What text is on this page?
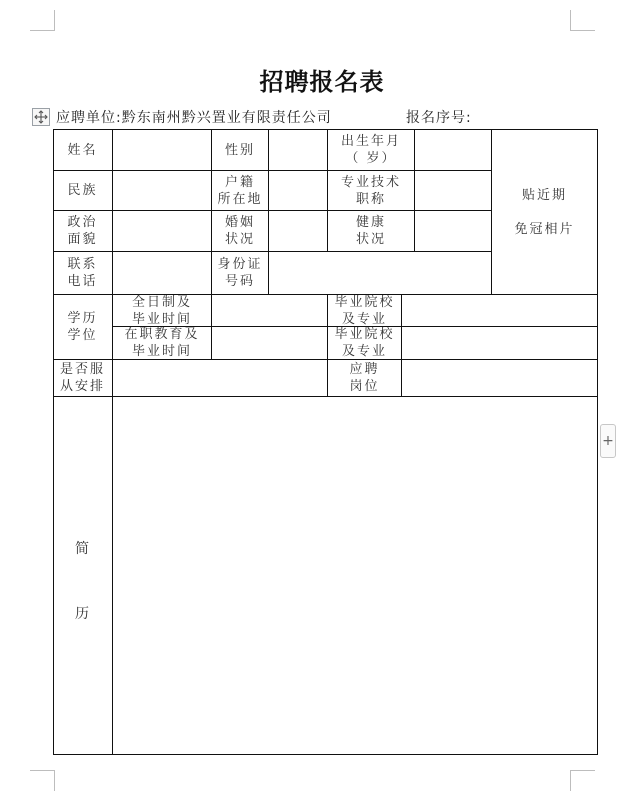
招聘报名表
应聘单位:黔东南州黔兴置业有限责任公司	报名序号:
姓名	性别
出生年月
（ 岁）
贴近期

免冠相片
民族
户籍
所在地
专业技术
职称
政治
面貌
婚姻
状况
健康
状况
联系
电话
身份证
号码
学历
学位
全日制及
毕业时间
毕业院校
及专业
在职教育及
毕业时间
毕业院校
及专业
是否服
从安排
应聘
岗位
简
历
+
